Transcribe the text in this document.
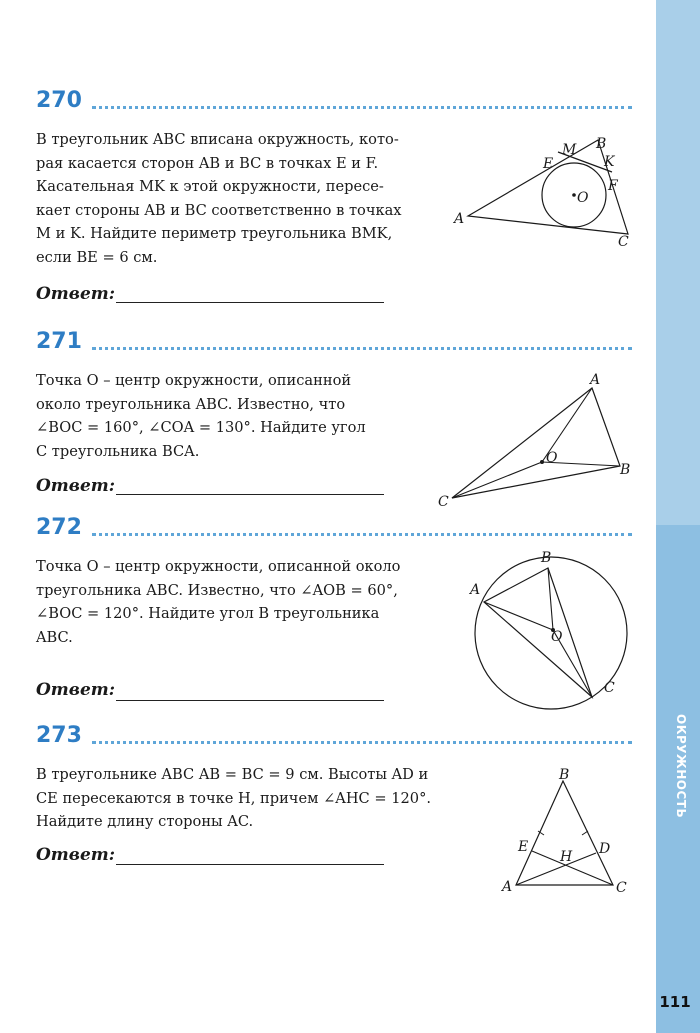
ОКРУЖНОСТЬ
111
270
В треугольник ABC вписана окружность, кото-
рая касается сторон AB и BC в точках E и F.
Касательная MK к этой окружности, пересе-
кает стороны AB и BC соответственно в точках
M и K. Найдите периметр треугольника BMK,
если BE = 6 см.
Ответ:
M B
E	K
O
F
A
C
271
Точка O – центр окружности, описанной
около треугольника ABC. Известно, что
∠BOC = 160°, ∠COA = 130°. Найдите угол
C треугольника BCA.
Ответ:
A
O
B
C
272
Точка O – центр окружности, описанной около
треугольника ABC. Известно, что ∠AOB = 60°,
∠BOC = 120°. Найдите угол B треугольника
ABC.
Ответ:
B
A
O
C
273
В треугольнике ABC AB = BC = 9 см. Высоты AD и
CE пересекаются в точке H, причем ∠AHC = 120°.
Найдите длину стороны AC.
Ответ:
B
E
H D
A	C
